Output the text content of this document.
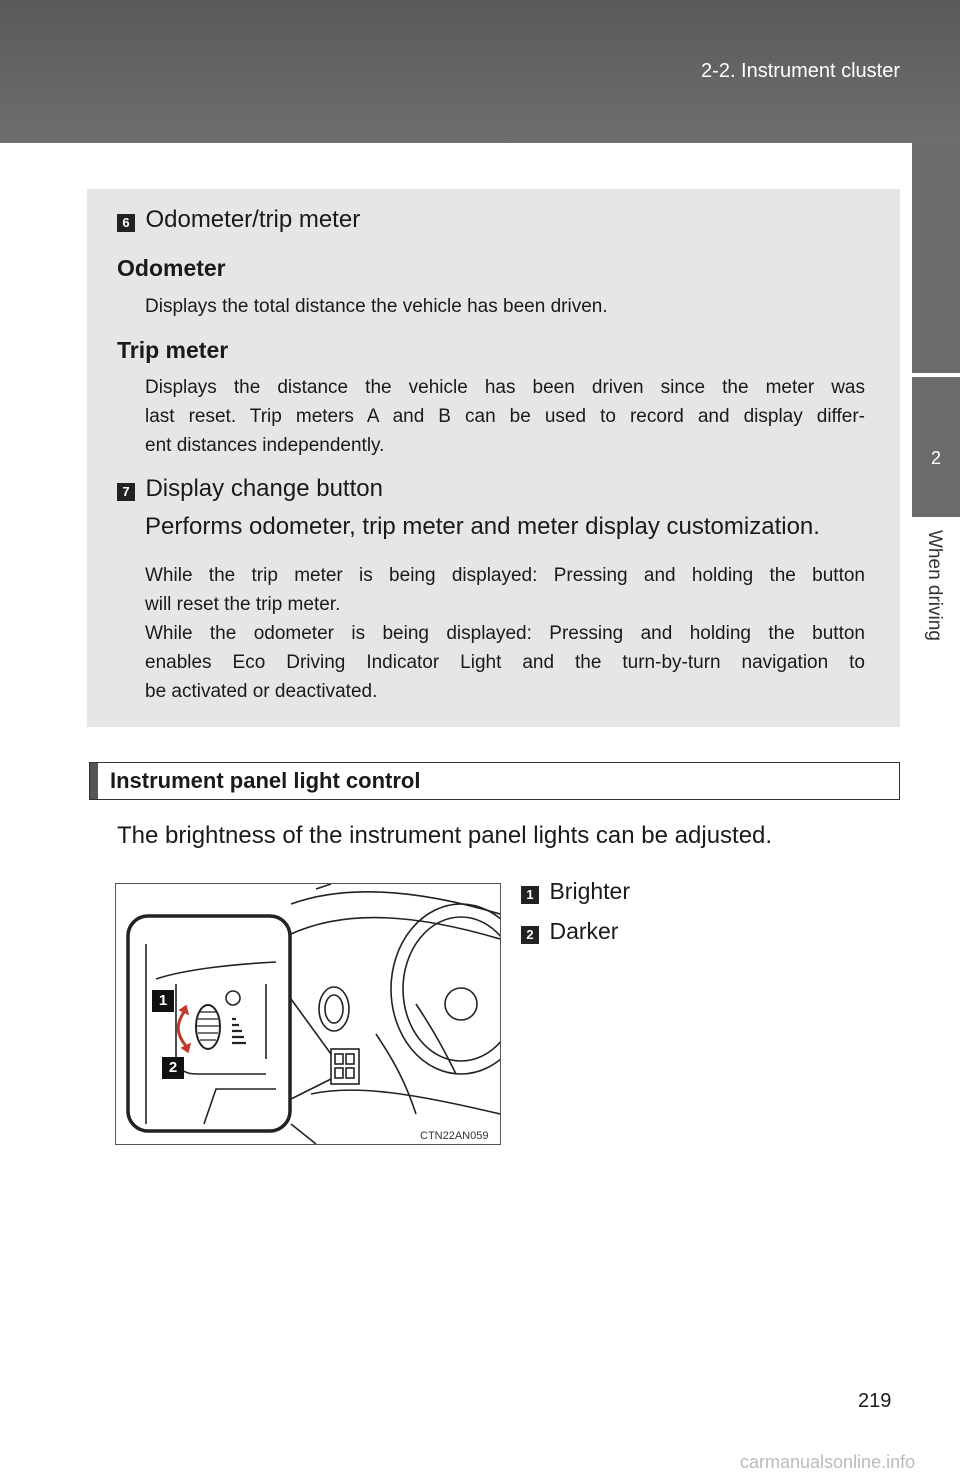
2-2. Instrument cluster
2
When driving
6 Odometer/trip meter
Odometer
Displays the total distance the vehicle has been driven.
Trip meter
Displays the distance the vehicle has been driven since the meter was
last reset. Trip meters A and B can be used to record and display differ-
ent distances independently.
7 Display change button
Performs odometer, trip meter and meter display customization.
While the trip meter is being displayed: Pressing and holding the button
will reset the trip meter.
While the odometer is being displayed: Pressing and holding the button
enables Eco Driving Indicator Light and the turn-by-turn navigation to
be activated or deactivated.
Instrument panel light control
The brightness of the instrument panel lights can be adjusted.
1 Brighter
2 Darker
1
2
CTN22AN059
219
carmanualsonline.info
